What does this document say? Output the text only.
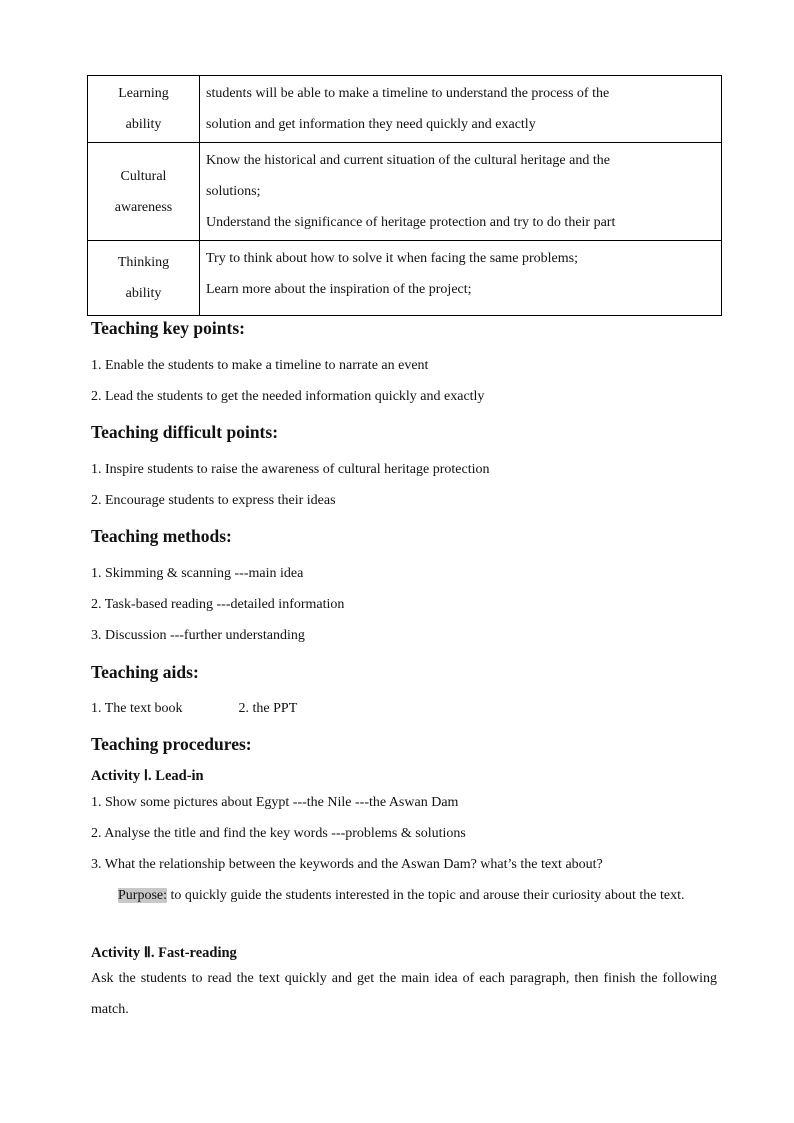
Learning
ability	students will be able to make a timeline to understand the process of the
solution and get information they need quickly and exactly

Cultural
awareness	Know the historical and current situation of the cultural heritage and the
solutions;
Understand the significance of heritage protection and try to do their part

Thinking
ability	Try to think about how to solve it when facing the same problems;
Learn more about the inspiration of the project;
Teaching key points:
1. Enable the students to make a timeline to narrate an event
2. Lead the students to get the needed information quickly and exactly
Teaching difficult points:
1. Inspire students to raise the awareness of cultural heritage protection
2. Encourage students to express their ideas
Teaching methods:
1. Skimming & scanning ---main idea
2. Task-based reading ---detailed information
3. Discussion ---further understanding
Teaching aids:
1. The text book	2. the PPT
Teaching procedures:
Activity Ⅰ. Lead-in
1. Show some pictures about Egypt ---the Nile ---the Aswan Dam
2. Analyse the title and find the key words ---problems & solutions
3. What the relationship between the keywords and the Aswan Dam? what’s the text about?
Purpose: to quickly guide the students interested in the topic and arouse their curiosity about the text.
Activity Ⅱ. Fast-reading
Ask the students to read the text quickly and get the main idea of each paragraph, then finish the following match.
